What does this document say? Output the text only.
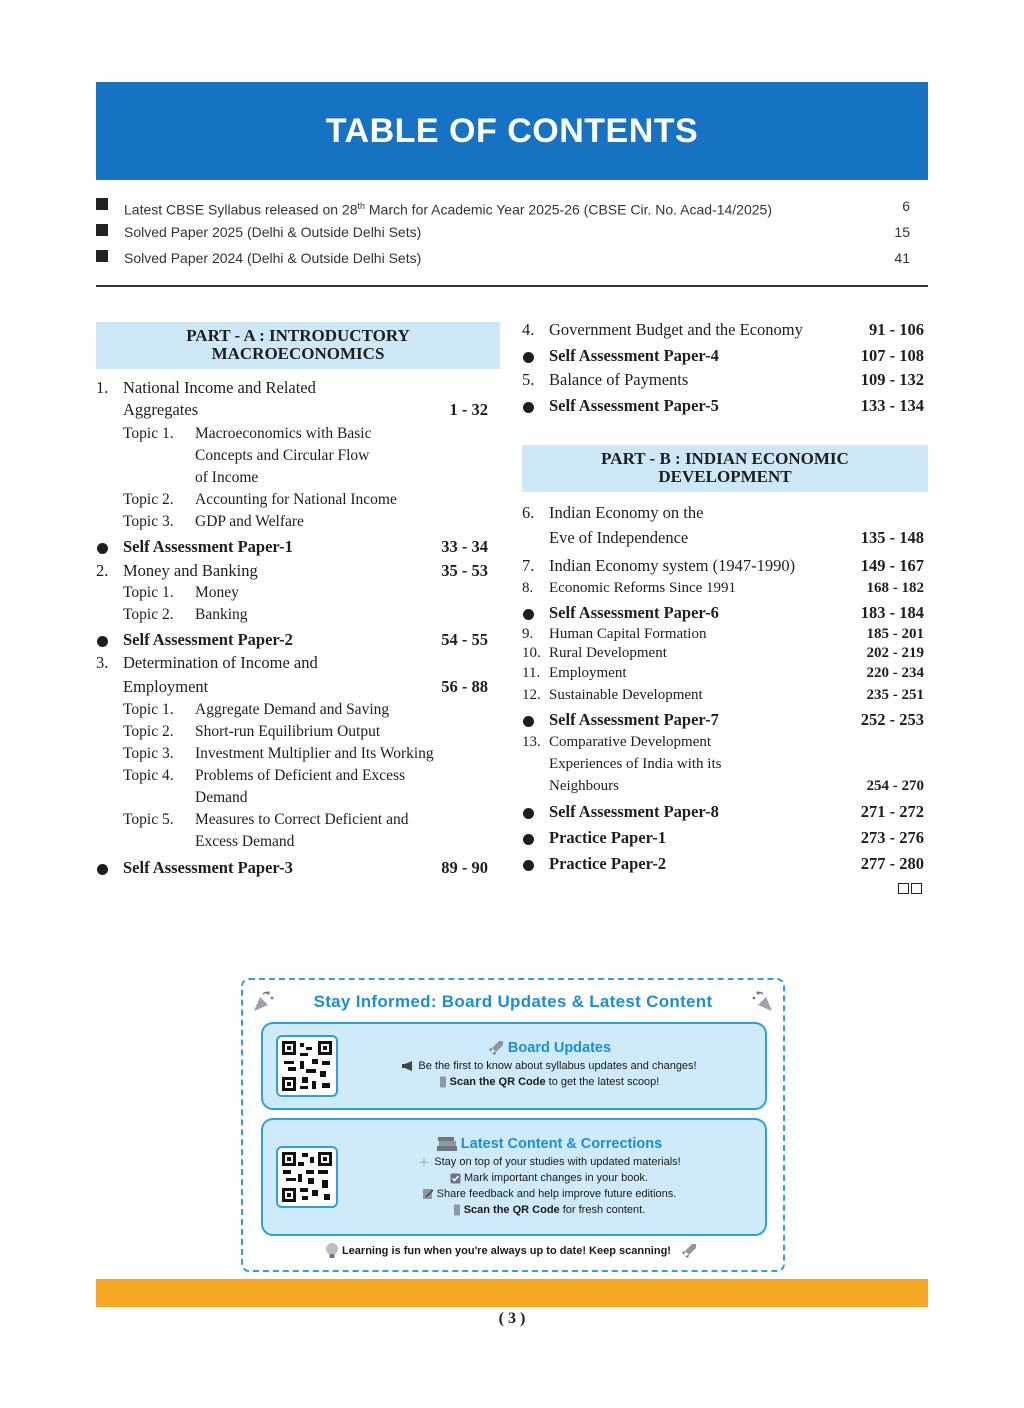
TABLE OF CONTENTS
Latest CBSE Syllabus released on 28th March for Academic Year 2025-26 (CBSE Cir. No. Acad-14/2025)	6
Solved Paper 2025 (Delhi & Outside Delhi Sets)	15
Solved Paper 2024 (Delhi & Outside Delhi Sets)	41
PART - A : INTRODUCTORY
MACROECONOMICS
1. National Income and Related
Aggregates	1 - 32
Topic 1. Macroeconomics with Basic
Concepts and Circular Flow
of Income
Topic 2. Accounting for National Income
Topic 3. GDP and Welfare
Self Assessment Paper-1	33 - 34
2. Money and Banking	35 - 53
Topic 1. Money
Topic 2. Banking
Self Assessment Paper-2	54 - 55
3. Determination of Income and
Employment	56 - 88
Topic 1. Aggregate Demand and Saving
Topic 2. Short-run Equilibrium Output
Topic 3. Investment Multiplier and Its Working
Topic 4. Problems of Deficient and Excess
Demand
Topic 5. Measures to Correct Deficient and
Excess Demand
Self Assessment Paper-3	89 - 90
4. Government Budget and the Economy	91 - 106
Self Assessment Paper-4	107 - 108
5. Balance of Payments	109 - 132
Self Assessment Paper-5	133 - 134
PART - B : INDIAN ECONOMIC
DEVELOPMENT
6. Indian Economy on the
Eve of Independence	135 - 148
7. Indian Economy system (1947-1990)	149 - 167
8. Economic Reforms Since 1991	168 - 182
Self Assessment Paper-6	183 - 184
9. Human Capital Formation	185 - 201
10. Rural Development	202 - 219
11. Employment	220 - 234
12. Sustainable Development	235 - 251
Self Assessment Paper-7	252 - 253
13. Comparative Development
Experiences of India with its
Neighbours	254 - 270
Self Assessment Paper-8	271 - 272
Practice Paper-1	273 - 276
Practice Paper-2	277 - 280
Stay Informed: Board Updates & Latest Content
Board Updates
Be the first to know about syllabus updates and changes!
Scan the QR Code to get the latest scoop!
Latest Content & Corrections
Stay on top of your studies with updated materials!
Mark important changes in your book.
Share feedback and help improve future editions.
Scan the QR Code for fresh content.
Learning is fun when you're always up to date! Keep scanning!
( 3 )
